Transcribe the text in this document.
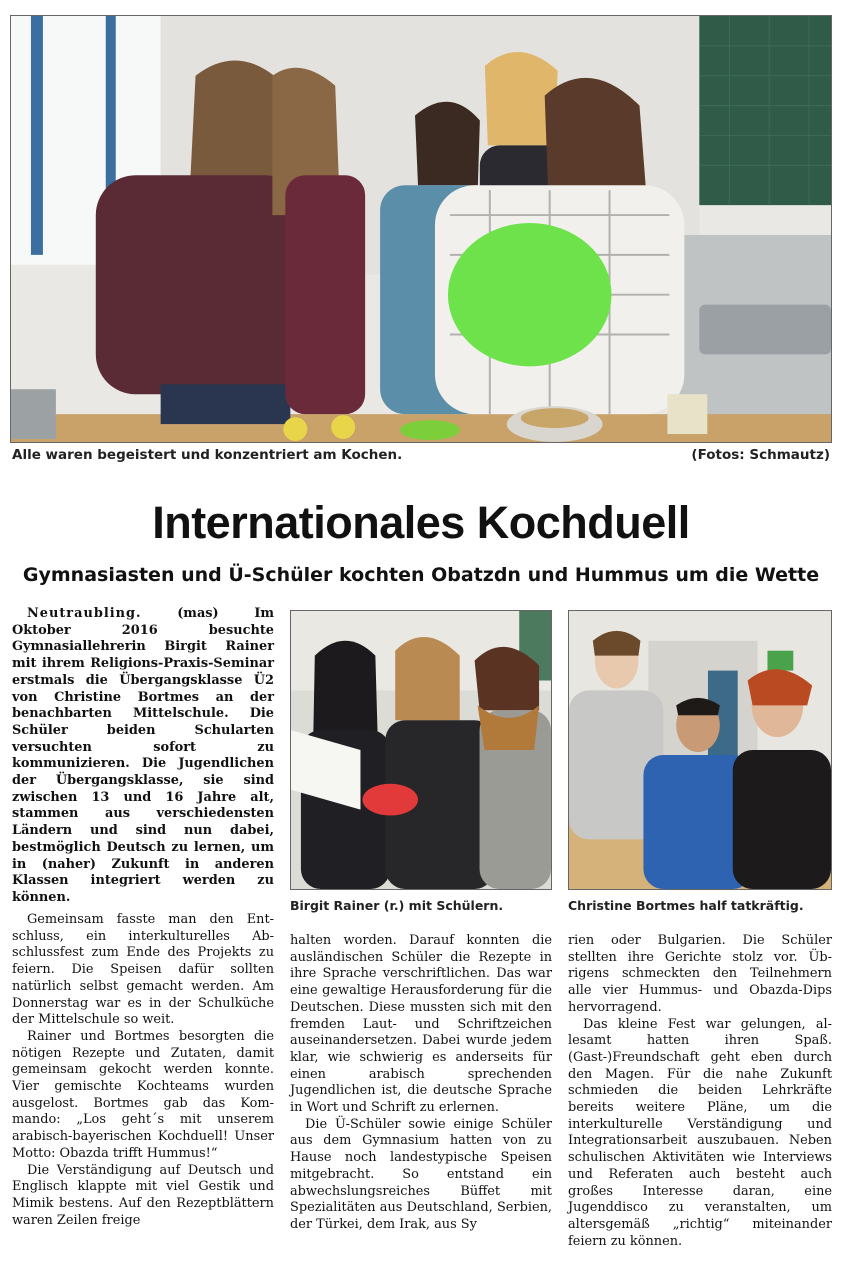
Alle waren begeistert und konzentriert am Kochen.	(Fotos: Schmautz)
Internationales Kochduell
Gymnasiasten und Ü-Schüler kochten Obatzdn und Hummus um die Wette

Neutraubling. (mas) Im Oktober 2016 besuchte Gymnasiallehrerin Birgit Rainer mit ihrem Religions-Praxis-Seminar erstmals die Übergangsklasse Ü2 von Christine Bortmes an der benachbarten Mittelschule. Die Schüler beiden Schularten versuchten sofort zu kommunizieren. Die Jugendlichen der Übergangsklasse, sie sind zwischen 13 und 16 Jahre alt, stammen aus verschiedensten Ländern und sind nun dabei, bestmöglich Deutsch zu lernen, um in (naher) Zukunft in anderen Klassen integriert werden zu können.

Birgit Rainer (r.) mit Schülern.	Christine Bortmes half tatkräftig.

Gemeinsam fasste man den Entschluss, ein interkulturelles Abschlussfest zum Ende des Projekts zu feiern. Die Speisen dafür sollten natürlich selbst gemacht werden. Am Donnerstag war es in der Schulküche der Mittelschule so weit.

Rainer und Bortmes besorgten die nötigen Rezepte und Zutaten, damit gemeinsam gekocht werden konnte. Vier gemischte Kochteams wurden ausgelost. Bortmes gab das Kommando: „Los geht´s mit unserem arabisch-bayerischen Kochduell! Unser Motto: Obazda trifft Hummus!“

Die Verständigung auf Deutsch und Englisch klappte mit viel Gestik und Mimik bestens. Auf den Rezeptblättern waren Zeilen freige

halten worden. Darauf konnten die ausländischen Schüler die Rezepte in ihre Sprache verschriftlichen. Das war eine gewaltige Herausforderung für die Deutschen. Diese mussten sich mit den fremden Laut- und Schriftzeichen auseinandersetzen. Dabei wurde jedem klar, wie schwierig es anderseits für einen arabisch sprechenden Jugendlichen ist, die deutsche Sprache in Wort und Schrift zu erlernen.

Die Ü-Schüler sowie einige Schüler aus dem Gymnasium hatten von zu Hause noch landestypische Speisen mitgebracht. So entstand ein abwechslungsreiches Büffet mit Spezialitäten aus Deutschland, Serbien, der Türkei, dem Irak, aus Sy

rien oder Bulgarien. Die Schüler stellten ihre Gerichte stolz vor. Übrigens schmeckten den Teilnehmern alle vier Hummus- und Obazda-Dips hervorragend.

Das kleine Fest war gelungen, allesamt hatten ihren Spaß. (Gast-)Freundschaft geht eben durch den Magen. Für die nahe Zukunft schmieden die beiden Lehrkräfte bereits weitere Pläne, um die interkulturelle Verständigung und Integrationsarbeit auszubauen. Neben schulischen Aktivitäten wie Interviews und Referaten auch besteht auch großes Interesse daran, eine Jugenddisco zu veranstalten, um altersgemäß „richtig“ miteinander feiern zu können.
